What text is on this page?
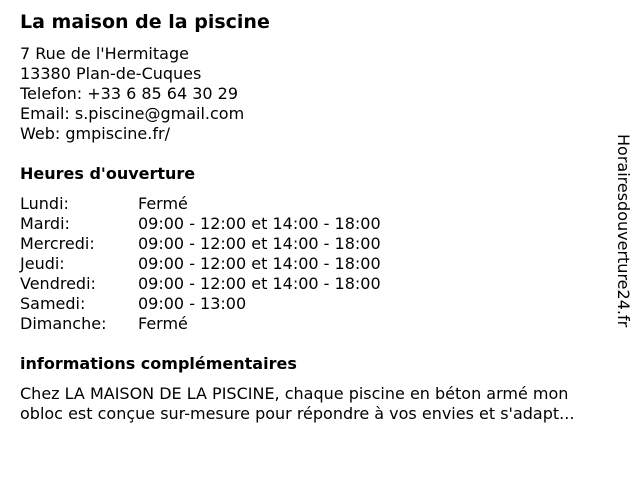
La maison de la piscine
7 Rue de l'Hermitage
13380 Plan-de-Cuques
Telefon: +33 6 85 64 30 29
Email: s.piscine@gmail.com
Web: gmpiscine.fr/
Heures d'ouverture
Lundi:	Fermé
Mardi:	09:00 - 12:00 et 14:00 - 18:00
Mercredi:	09:00 - 12:00 et 14:00 - 18:00
Jeudi:	09:00 - 12:00 et 14:00 - 18:00
Vendredi:	09:00 - 12:00 et 14:00 - 18:00
Samedi:	09:00 - 13:00
Dimanche:	Fermé
Chez LA MAISON DE LA PISCINE, chaque piscine en béton armé mon
obloc est conçue sur-mesure pour répondre à vos envies et s'adapt...
informations complémentaires
Horairesdouverture24.fr
